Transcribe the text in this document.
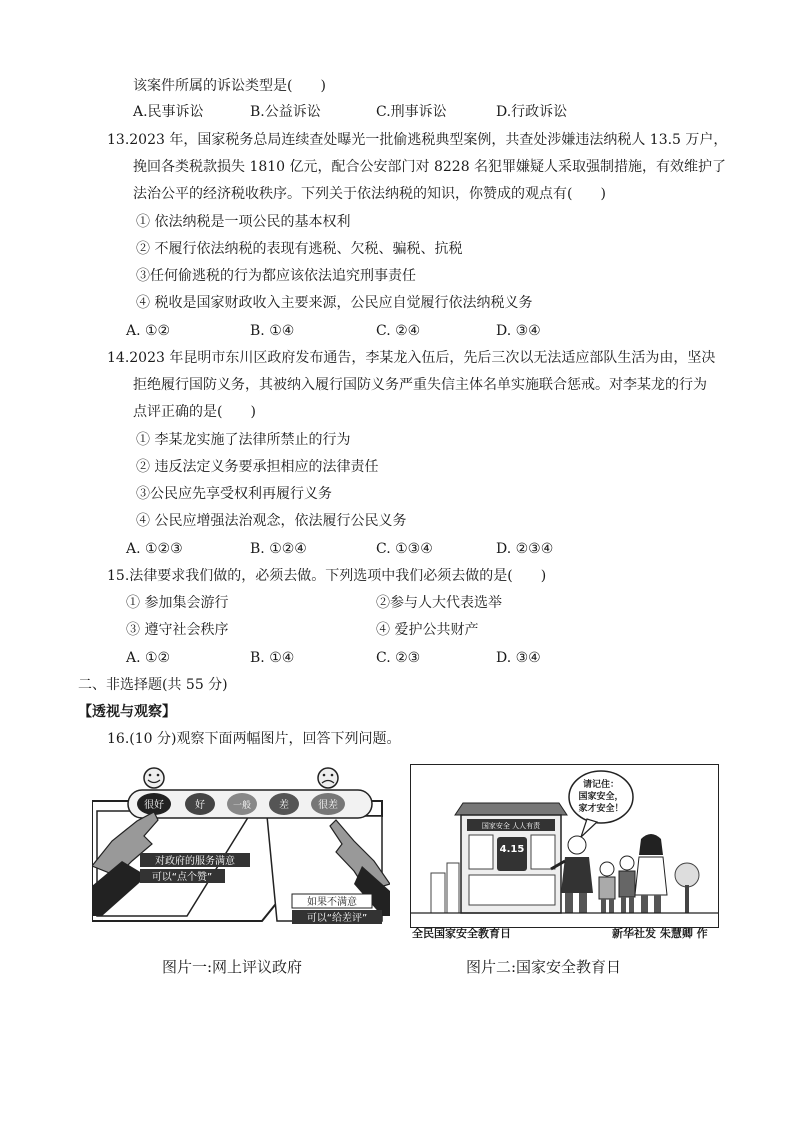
该案件所属的诉讼类型是(　　)
A.民事诉讼	B.公益诉讼	C.刑事诉讼	D.行政诉讼
13.2023 年，国家税务总局连续查处曝光一批偷逃税典型案例，共查处涉嫌违法纳税人 13.5 万户，
挽回各类税款损失 1810 亿元，配合公安部门对 8228 名犯罪嫌疑人采取强制措施，有效维护了
法治公平的经济税收秩序。下列关于依法纳税的知识，你赞成的观点有(　　)
① 依法纳税是一项公民的基本权利
② 不履行依法纳税的表现有逃税、欠税、骗税、抗税
③任何偷逃税的行为都应该依法追究刑事责任
④ 税收是国家财政收入主要来源，公民应自觉履行依法纳税义务
A. ①②	B. ①④	C. ②④	D. ③④
14.2023 年昆明市东川区政府发布通告，李某龙入伍后，先后三次以无法适应部队生活为由，坚决
拒绝履行国防义务，其被纳入履行国防义务严重失信主体名单实施联合惩戒。对李某龙的行为
点评正确的是(　　)
① 李某龙实施了法律所禁止的行为
② 违反法定义务要承担相应的法律责任
③公民应先享受权利再履行义务
④ 公民应增强法治观念，依法履行公民义务
A. ①②③	B. ①②④	C. ①③④	D. ②③④
15.法律要求我们做的，必须去做。下列选项中我们必须去做的是(　　)
① 参加集会游行	②参与人大代表选举
③ 遵守社会秩序	④ 爱护公共财产
A. ①②	B. ①④	C. ②③	D. ③④
二、非选择题(共 55 分)
【透视与观察】
16.(10 分)观察下面两幅图片，回答下列问题。
很好	好	一般	差	很差
对政府的服务满意
可以“点个赞”
如果不满意
可以“给差评”
国家安全 人人有责
4.15
请记住：
国家安全，
家才安全！
全民国家安全教育日	新华社发 朱慧卿 作
图片一:网上评议政府	图片二:国家安全教育日
